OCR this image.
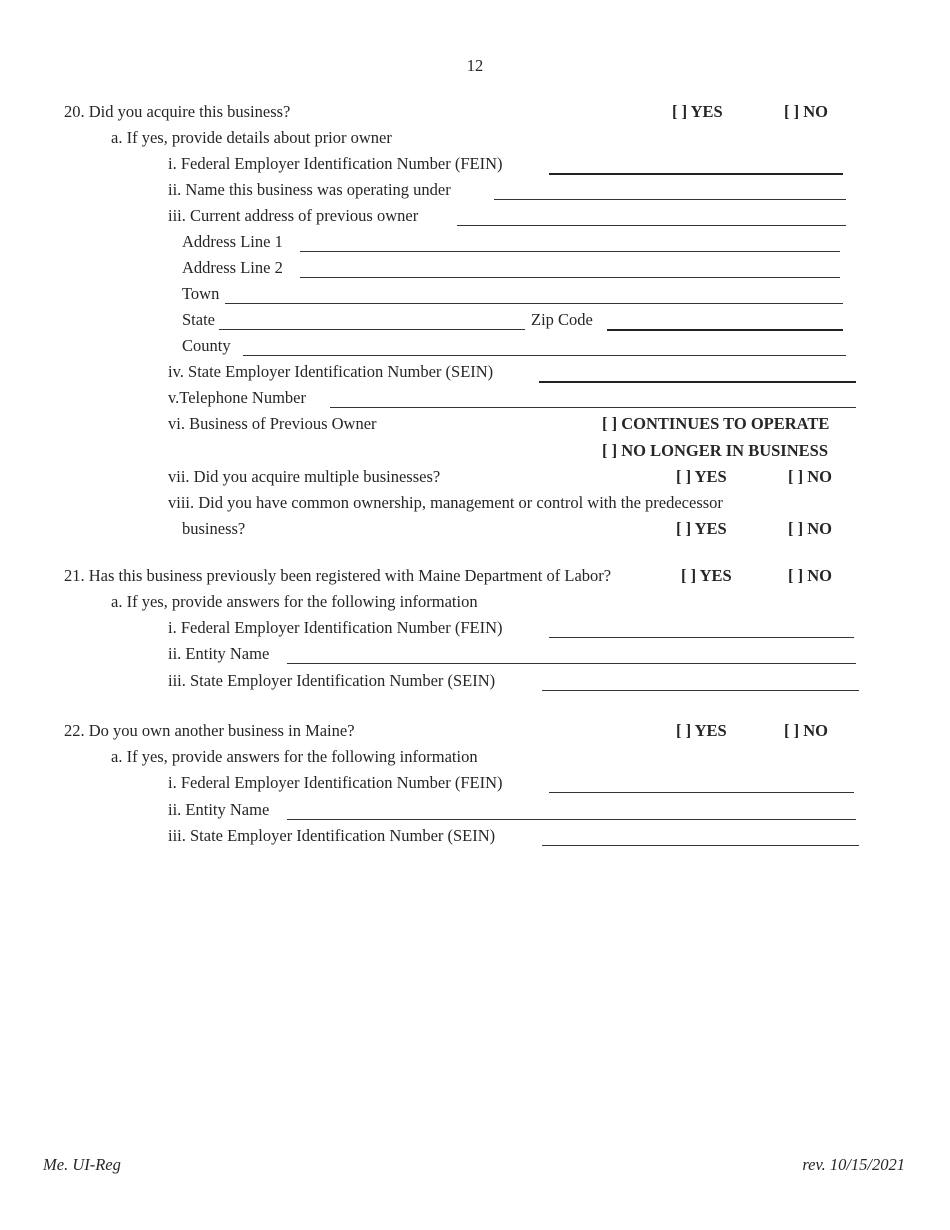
12
20. Did you acquire this business?	[ ] YES	[ ] NO
a. If yes, provide details about prior owner
i. Federal Employer Identification Number (FEIN)
ii. Name this business was operating under
iii. Current address of previous owner
Address Line 1
Address Line 2
Town
State	Zip Code
County
iv. State Employer Identification Number (SEIN)
v.Telephone Number
vi. Business of Previous Owner	[ ] CONTINUES TO OPERATE
[ ] NO LONGER IN BUSINESS
vii. Did you acquire multiple businesses?	[ ] YES	[ ] NO
viii. Did you have common ownership, management or control with the predecessor
business?	[ ] YES	[ ] NO
21. Has this business previously been registered with Maine Department of Labor?	[ ] YES	[ ] NO
a. If yes, provide answers for the following information
i. Federal Employer Identification Number (FEIN)
ii. Entity Name
iii. State Employer Identification Number (SEIN)
22. Do you own another business in Maine?	[ ] YES	[ ] NO
a. If yes, provide answers for the following information
i. Federal Employer Identification Number (FEIN)
ii. Entity Name
iii. State Employer Identification Number (SEIN)
Me. UI-Reg	rev. 10/15/2021
